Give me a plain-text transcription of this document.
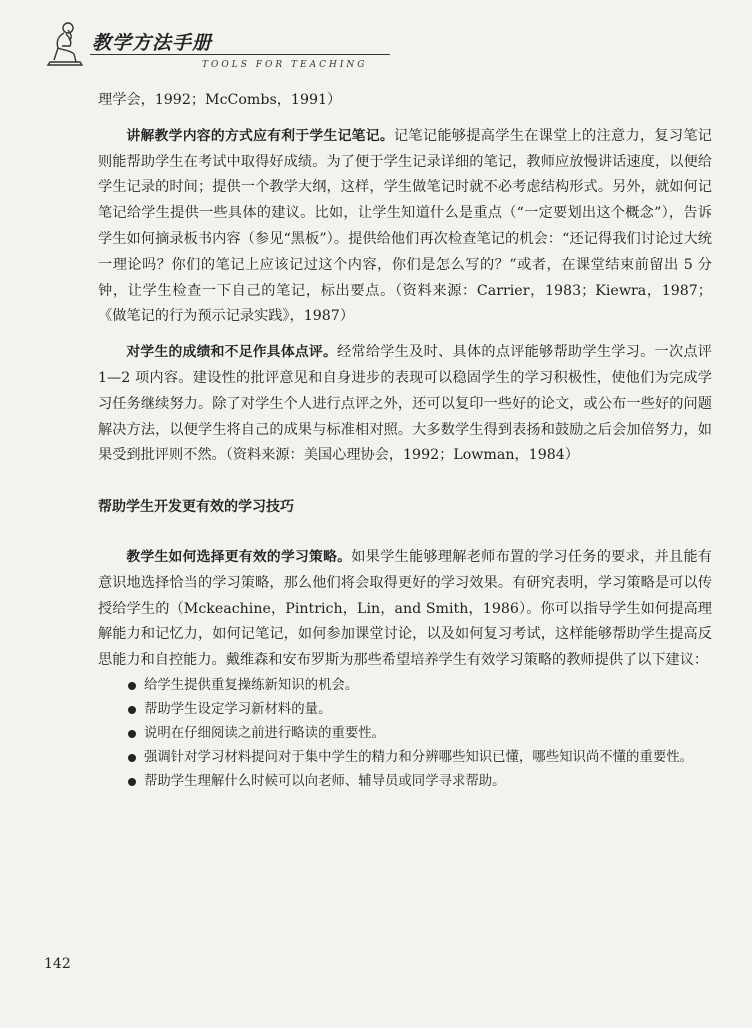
教学方法手册
TOOLS FOR TEACHING

理学会，1992；McCombs，1991）

讲解教学内容的方式应有利于学生记笔记。记笔记能够提高学生在课堂上的注意力，复习笔记则能帮助学生在考试中取得好成绩。为了便于学生记录详细的笔记，教师应放慢讲话速度，以便给学生记录的时间；提供一个教学大纲，这样，学生做笔记时就不必考虑结构形式。另外，就如何记笔记给学生提供一些具体的建议。比如，让学生知道什么是重点（“一定要划出这个概念”），告诉学生如何摘录板书内容（参见“黑板”）。提供给他们再次检查笔记的机会：“还记得我们讨论过大统一理论吗？你们的笔记上应该记过这个内容，你们是怎么写的？”或者，在课堂结束前留出 5 分钟，让学生检查一下自己的笔记，标出要点。（资料来源：Carrier，1983；Kiewra，1987；《做笔记的行为预示记录实践》，1987）

对学生的成绩和不足作具体点评。经常给学生及时、具体的点评能够帮助学生学习。一次点评 1—2 项内容。建设性的批评意见和自身进步的表现可以稳固学生的学习积极性，使他们为完成学习任务继续努力。除了对学生个人进行点评之外，还可以复印一些好的论文，或公布一些好的问题解决方法，以便学生将自己的成果与标准相对照。大多数学生得到表扬和鼓励之后会加倍努力，如果受到批评则不然。（资料来源：美国心理协会，1992；Lowman，1984）

帮助学生开发更有效的学习技巧

教学生如何选择更有效的学习策略。如果学生能够理解老师布置的学习任务的要求，并且能有意识地选择恰当的学习策略，那么他们将会取得更好的学习效果。有研究表明，学习策略是可以传授给学生的（Mckeachine，Pintrich，Lin，and Smith，1986）。你可以指导学生如何提高理解能力和记忆力，如何记笔记，如何参加课堂讨论，以及如何复习考试，这样能够帮助学生提高反思能力和自控能力。戴维森和安布罗斯为那些希望培养学生有效学习策略的教师提供了以下建议：

给学生提供重复操练新知识的机会。
帮助学生设定学习新材料的量。
说明在仔细阅读之前进行略读的重要性。
强调针对学习材料提问对于集中学生的精力和分辨哪些知识已懂，哪些知识尚不懂的重要性。
帮助学生理解什么时候可以向老师、辅导员或同学寻求帮助。
142
